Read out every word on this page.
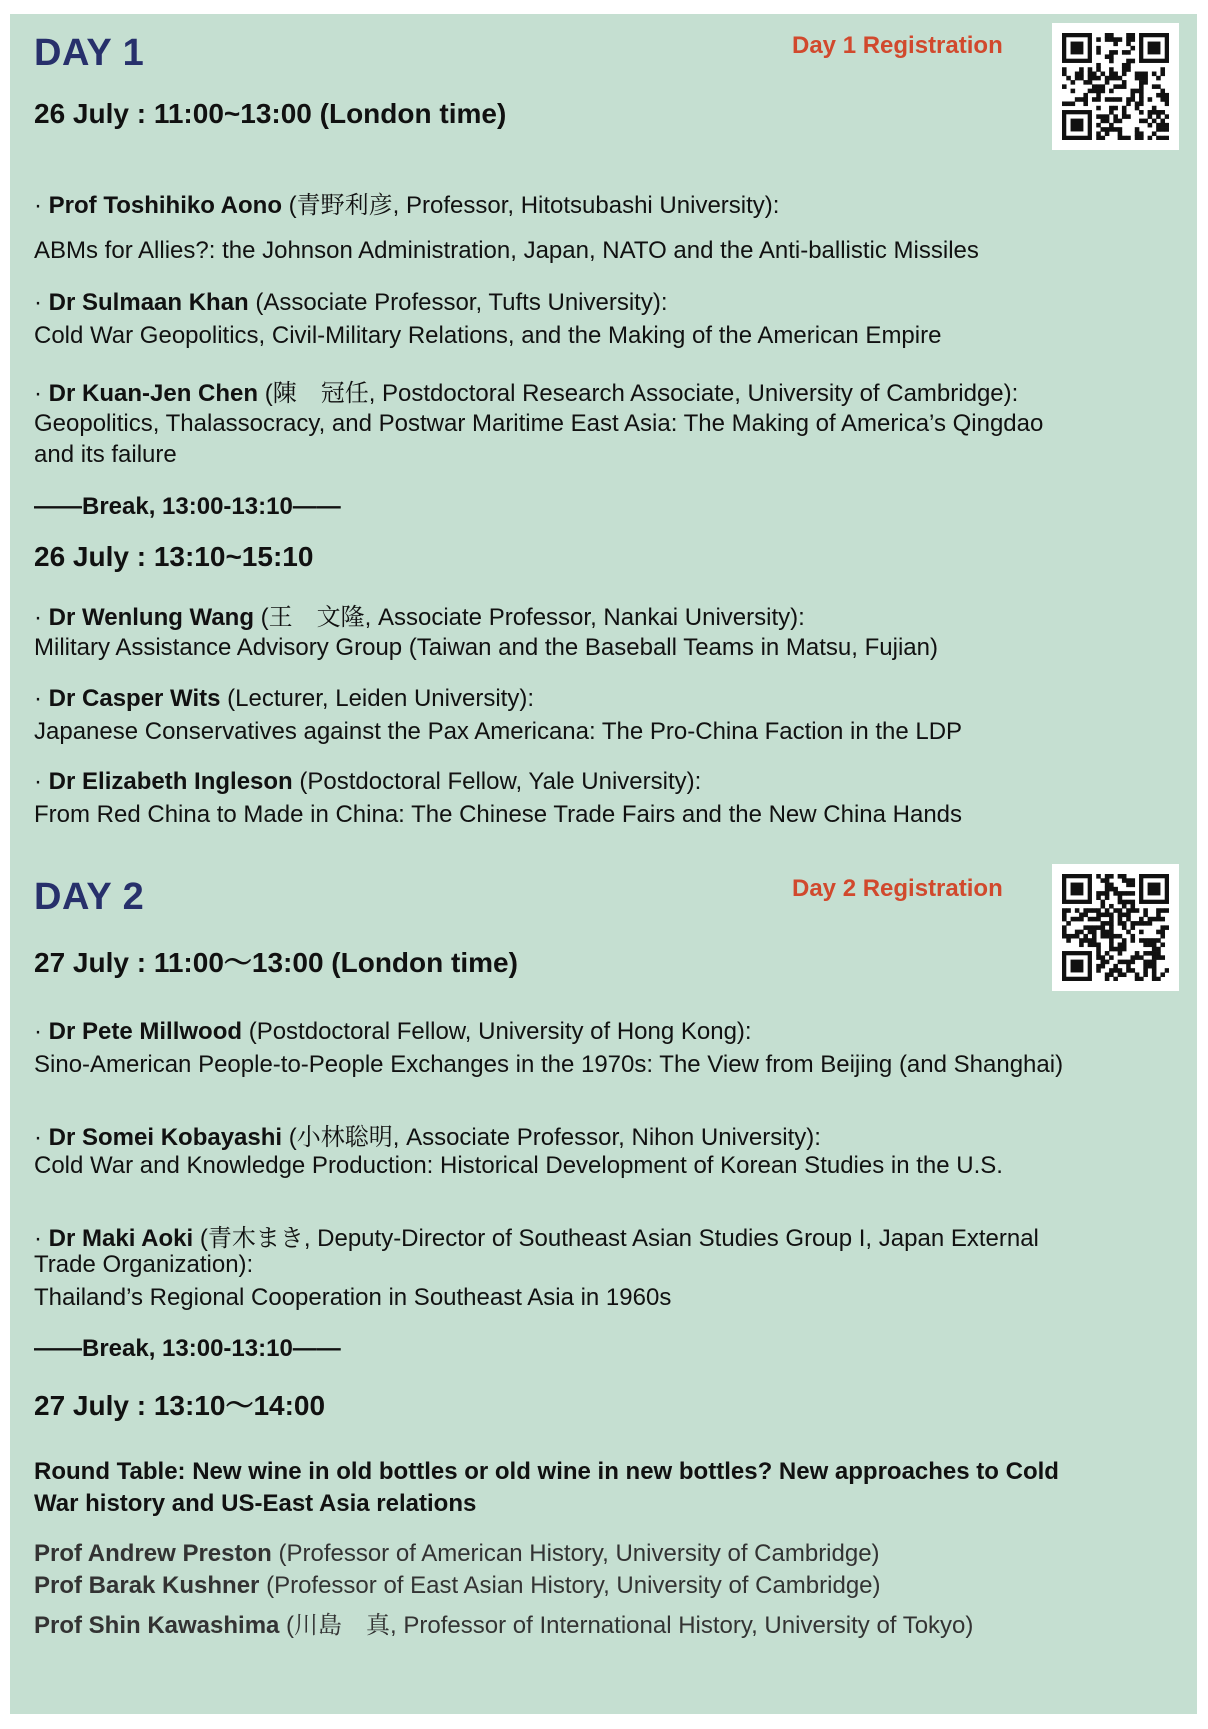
DAY 1	Day 1 Registration
26 July : 11:00~13:00 (London time)
· Prof Toshihiko Aono (青野利彦, Professor, Hitotsubashi University):
ABMs for Allies?: the Johnson Administration, Japan, NATO and the Anti-ballistic Missiles
· Dr Sulmaan Khan (Associate Professor, Tufts University):
Cold War Geopolitics, Civil-Military Relations, and the Making of the American Empire
· Dr Kuan-Jen Chen (陳　冠任, Postdoctoral Research Associate, University of Cambridge):
Geopolitics, Thalassocracy, and Postwar Maritime East Asia: The Making of America’s Qingdao
and its failure
——Break, 13:00-13:10——
26 July : 13:10~15:10
· Dr Wenlung Wang (王　文隆, Associate Professor, Nankai University):
Military Assistance Advisory Group (Taiwan and the Baseball Teams in Matsu, Fujian)
· Dr Casper Wits (Lecturer, Leiden University):
Japanese Conservatives against the Pax Americana: The Pro-China Faction in the LDP
· Dr Elizabeth Ingleson (Postdoctoral Fellow, Yale University):
From Red China to Made in China: The Chinese Trade Fairs and the New China Hands
DAY 2	Day 2 Registration
27 July : 11:00～13:00 (London time)
· Dr Pete Millwood (Postdoctoral Fellow, University of Hong Kong):
Sino-American People-to-People Exchanges in the 1970s: The View from Beijing (and Shanghai)
· Dr Somei Kobayashi (小林聡明, Associate Professor, Nihon University):
Cold War and Knowledge Production: Historical Development of Korean Studies in the U.S.
· Dr Maki Aoki (青木まき, Deputy-Director of Southeast Asian Studies Group I, Japan External
Trade Organization):
Thailand’s Regional Cooperation in Southeast Asia in 1960s
——Break, 13:00-13:10——
27 July : 13:10～14:00
Round Table: New wine in old bottles or old wine in new bottles? New approaches to Cold
War history and US-East Asia relations
Prof Andrew Preston (Professor of American History, University of Cambridge)
Prof Barak Kushner (Professor of East Asian History, University of Cambridge)
Prof Shin Kawashima (川島　真, Professor of International History, University of Tokyo)
